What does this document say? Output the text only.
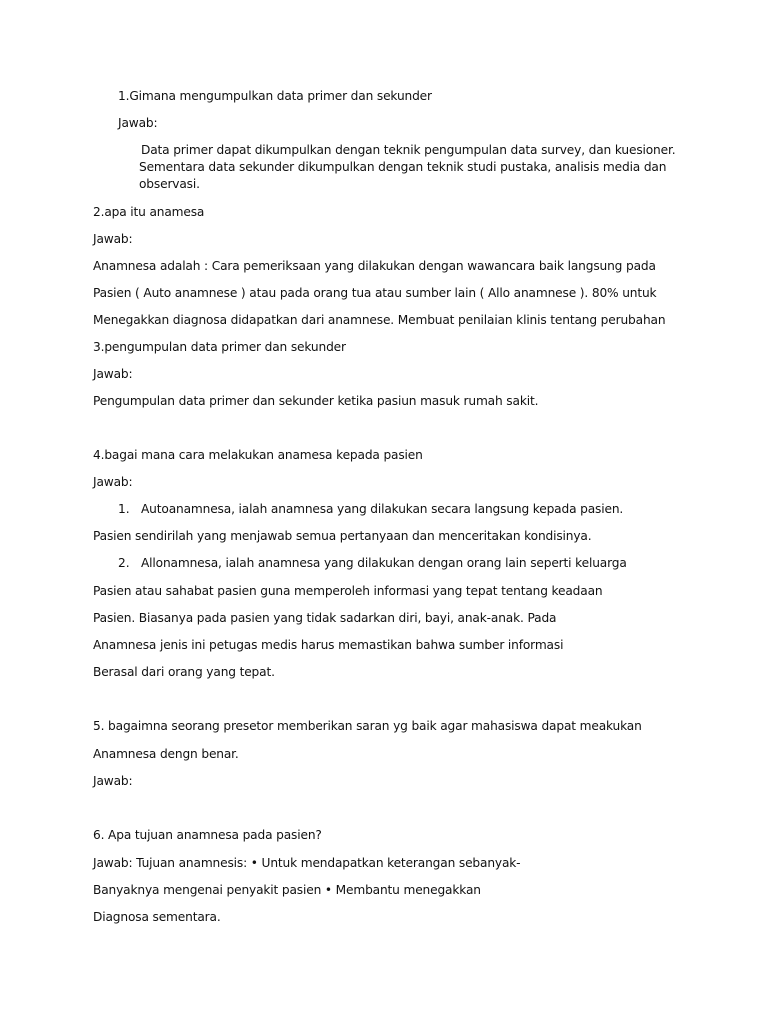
1.Gimana mengumpulkan data primer dan sekunder
Jawab:
Data primer dapat dikumpulkan dengan teknik pengumpulan data survey, dan kuesioner.
Sementara data sekunder dikumpulkan dengan teknik studi pustaka, analisis media dan
observasi.
2.apa itu anamesa
Jawab:
Anamnesa adalah : Cara pemeriksaan yang dilakukan dengan wawancara baik langsung pada
Pasien ( Auto anamnese ) atau pada orang tua atau sumber lain ( Allo anamnese ). 80% untuk
Menegakkan diagnosa didapatkan dari anamnese. Membuat penilaian klinis tentang perubahan
3.pengumpulan data primer dan sekunder
Jawab:
Pengumpulan data primer dan sekunder ketika pasiun masuk rumah sakit.
4.bagai mana cara melakukan anamesa kepada pasien
Jawab:
1. Autoanamnesa, ialah anamnesa yang dilakukan secara langsung kepada pasien.
Pasien sendirilah yang menjawab semua pertanyaan dan menceritakan kondisinya.
2. Allonamnesa, ialah anamnesa yang dilakukan dengan orang lain seperti keluarga
Pasien atau sahabat pasien guna memperoleh informasi yang tepat tentang keadaan
Pasien. Biasanya pada pasien yang tidak sadarkan diri, bayi, anak-anak. Pada
Anamnesa jenis ini petugas medis harus memastikan bahwa sumber informasi
Berasal dari orang yang tepat.
5. bagaimna seorang presetor memberikan saran yg baik agar mahasiswa dapat meakukan
Anamnesa dengn benar.
Jawab:
6. Apa tujuan anamnesa pada pasien?
Jawab: Tujuan anamnesis: • Untuk mendapatkan keterangan sebanyak-
Banyaknya mengenai penyakit pasien • Membantu menegakkan
Diagnosa sementara.
